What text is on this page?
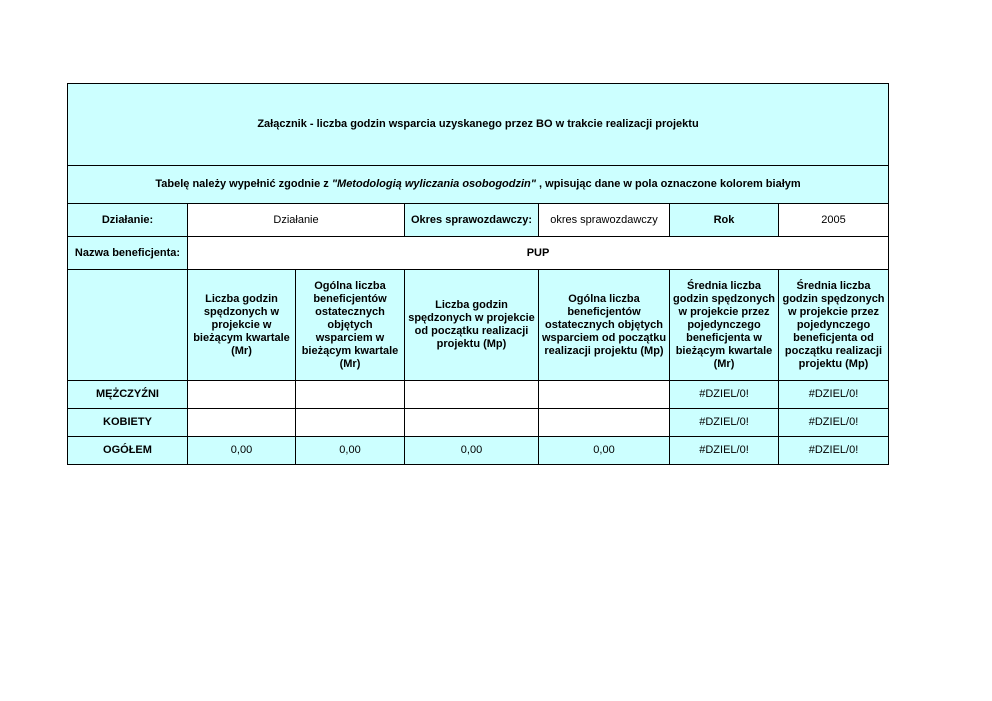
Załącznik - liczba godzin wsparcia uzyskanego przez BO w trakcie realizacji projektu						
Tabelę należy wypełnić zgodnie z "Metodologią wyliczania osobogodzin" , wpisując dane w pola oznaczone kolorem białym						
Działanie:	Działanie		Okres sprawozdawczy:	okres sprawozdawczy	Rok	2005
Nazwa beneficjenta:	PUP					
	Liczba godzin spędzonych w projekcie w bieżącym kwartale (Mr)	Ogólna liczba beneficjentów ostatecznych objętych wsparciem w bieżącym kwartale (Mr)	Liczba godzin spędzonych w projekcie od początku realizacji projektu (Mp)	Ogólna liczba beneficjentów ostatecznych objętych wsparciem od początku realizacji projektu (Mp)	Średnia liczba godzin spędzonych w projekcie przez pojedynczego beneficjenta w bieżącym kwartale (Mr)	Średnia liczba godzin spędzonych w projekcie przez pojedynczego beneficjenta od początku realizacji projektu (Mp)
MĘŻCZYŹNI					#DZIEL/0!	#DZIEL/0!
KOBIETY					#DZIEL/0!	#DZIEL/0!
OGÓŁEM	0,00	0,00	0,00	0,00	#DZIEL/0!	#DZIEL/0!
